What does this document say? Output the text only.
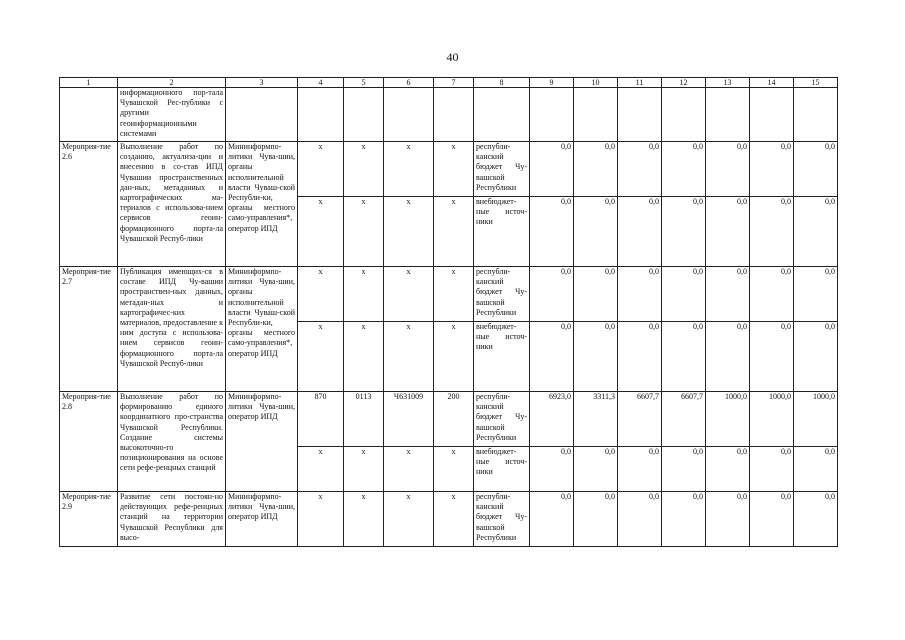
40
1	2	3	4	5	6	7	8	9	10	11	12	13	14	15
	информационного пор-тала Чувашской Рес-публики с другими геоинформационными системами													
Мероприя-тие 2.6	Выполнение работ по созданию, актуализа-ции и внесению в со-став ИПД Чувашии пространственных дан-ных, метаданных и картографических ма-териалов с использова-нием сервисов геоин-формационного порта-ла Чувашской Респуб-лики	Мининформпо-литики Чува-шии, органы исполнительной власти Чуваш-ской Республи-ки, органы местного само-управления*, оператор ИПД	х	х	х	х	республи-канский бюджет Чу-вашской Республики	0,0	0,0	0,0	0,0	0,0	0,0	0,0
			х	х	х	х	внебюджет-ные источ-ники	0,0	0,0	0,0	0,0	0,0	0,0	0,0
Мероприя-тие 2.7	Публикация имеющих-ся в составе ИПД Чу-вашии пространствен-ных данных, метадан-ных и картографичес-ких материалов, предоставление к ним доступа с использова-нием сервисов геоин-формационного порта-ла Чувашской Респуб-лики	Мининформпо-литики Чува-шии, органы исполнительной власти Чуваш-ской Республи-ки, органы местного само-управления*, оператор ИПД	х	х	х	х	республи-канский бюджет Чу-вашской Республики	0,0	0,0	0,0	0,0	0,0	0,0	0,0
			х	х	х	х	внебюджет-ные источ-ники	0,0	0,0	0,0	0,0	0,0	0,0	0,0
Мероприя-тие 2.8	Выполнение работ по формированию единого координатного про-странства Чувашской Республики. Создание системы высокоточно-го позиционирования на основе сети рефе-ренцных станций	Мининформпо-литики Чува-шии, оператор ИПД	870	0113	Ч631009	200	республи-канский бюджет Чу-вашской Республики	6923,0	3311,3	6607,7	6607,7	1000,0	1000,0	1000,0
			х	х	х	х	внебюджет-ные источ-ники	0,0	0,0	0,0	0,0	0,0	0,0	0,0
Мероприя-тие 2.9	Развитие сети постоян-но действующих рефе-ренцных станций на территории Чувашской Республики для высо-	Мининформпо-литики Чува-шии, оператор ИПД	х	х	х	х	республи-канский бюджет Чу-вашской Республики	0,0	0,0	0,0	0,0	0,0	0,0	0,0
